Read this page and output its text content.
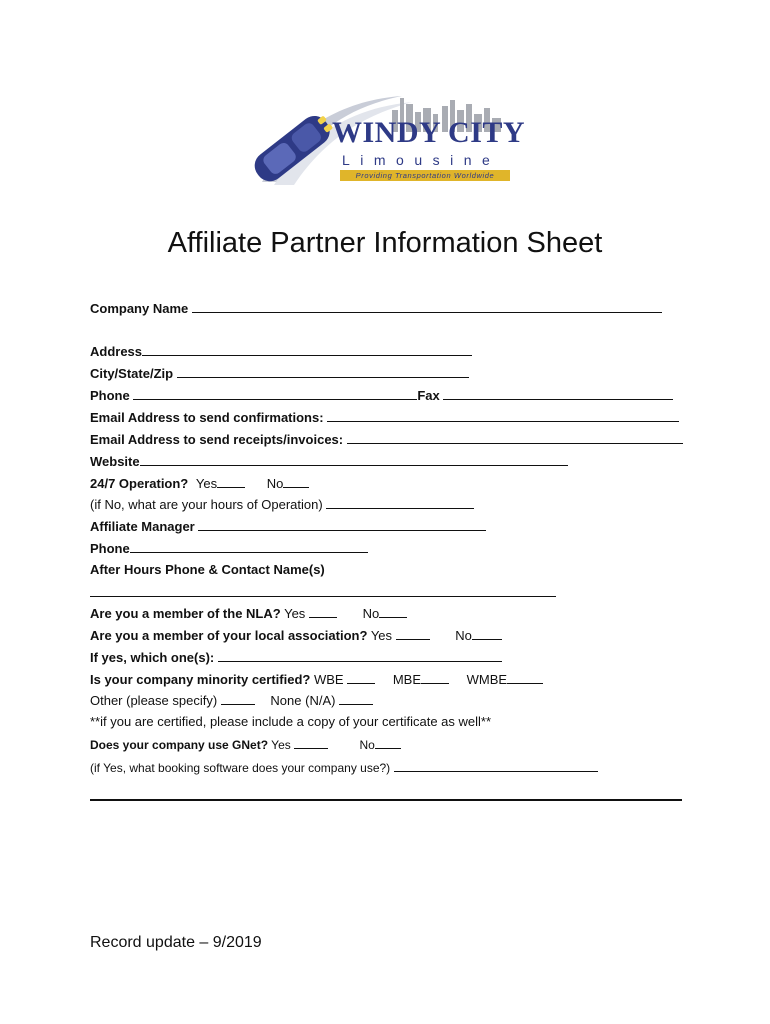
WINDY CITY
Limousine
Providing Transportation Worldwide
Affiliate Partner Information Sheet
Company Name
Address
City/State/Zip
Phone	Fax
Email Address to send confirmations:
Email Address to send receipts/invoices:
Website
24/7 Operation? Yes	No
(if No, what are your hours of Operation)
Affiliate Manager
Phone
After Hours Phone & Contact Name(s)
Are you a member of the NLA? Yes	No
Are you a member of your local association? Yes	No
If yes, which one(s):
Is your company minority certified? WBE	MBE	WMBE
Other (please specify)	None (N/A)
**if you are certified, please include a copy of your certificate as well**
Does your company use GNet? Yes	No
(if Yes, what booking software does your company use?)
Record update – 9/2019
